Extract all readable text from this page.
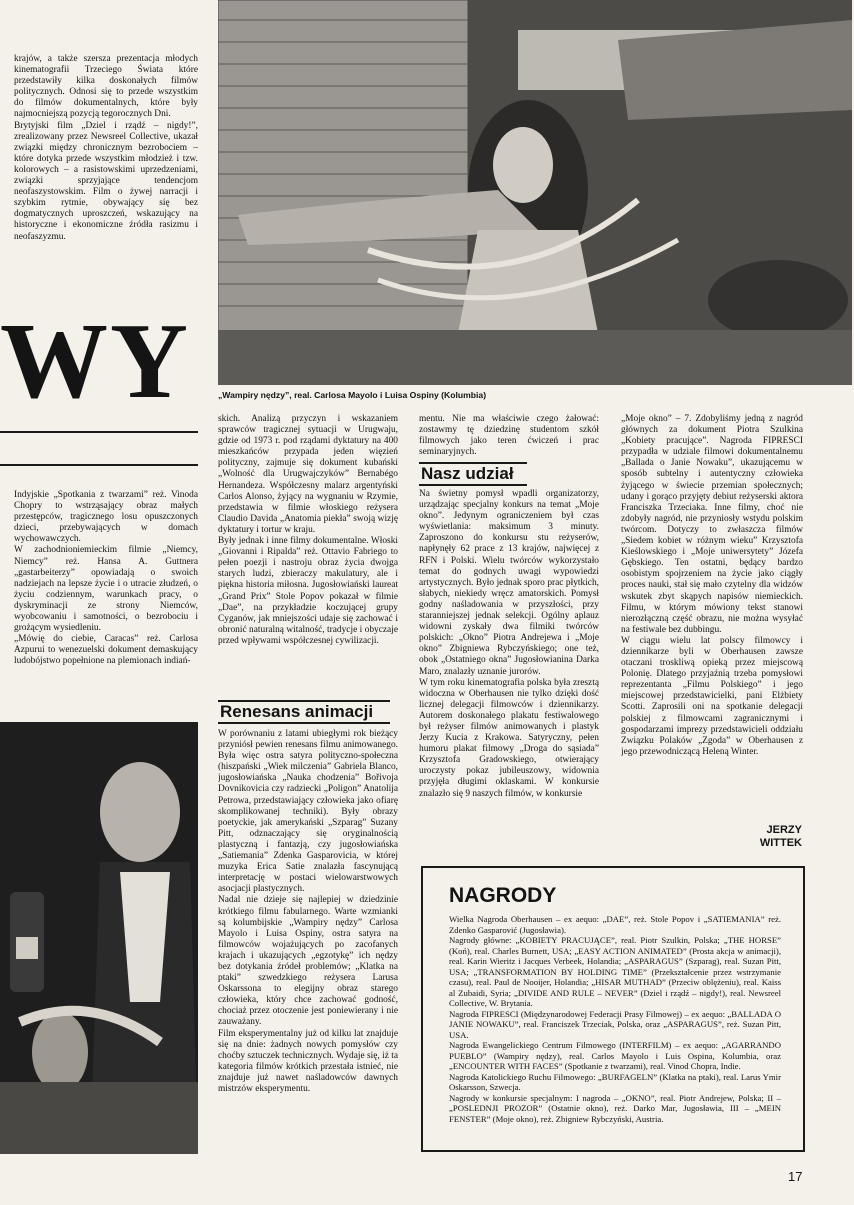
krajów, a także szersza prezentacja młodych kinematografii Trzeciego Świata które przedstawiły kilka doskonałych filmów politycznych. Odnosi się to przede wszystkim do filmów dokumentalnych, które były najmocniejszą pozycją tegorocznych Dni.
Brytyjski film „Dziel i rządź – nigdy!”, zrealizowany przez Newsreel Collective, ukazał związki między chronicznym bezrobociem – które dotyka przede wszystkim młodzież i tzw. kolorowych – a rasistowskimi uprzedzeniami, związki sprzyjające tendencjom neofaszystowskim. Film o żywej narracji i szybkim rytmie, obywający się bez dogmatycznych uproszczeń, wskazujący na historyczne i ekonomiczne źródła rasizmu i neofaszyzmu.
WY	„Wampiry nędzy”, real. Carlosa Mayolo i Luisa Ospiny (Kolumbia)
Indyjskie „Spotkania z twarzami” reż. Vinoda Chopry to wstrząsający obraz małych przestępców, tragicznego losu opuszczonych dzieci, przebywających w domach wychowawczych.
W zachodnioniemieckim filmie „Niemcy, Niemcy” reż. Hansa A. Guttnera „gastarbeiterzy” opowiadają o swoich nadziejach na lepsze życie i o utracie złudzeń, o życiu codziennym, warunkach pracy, o dyskryminacji ze strony Niemców, wyobcowaniu i samotności, o bezrobociu i grożącym wysiedleniu.
„Mówię do ciebie, Caracas” reż. Carlosa Azpurui to wenezuelski dokument demaskujący ludobójstwo popełnione na plemionach indiań-
skich. Analizą przyczyn i wskazaniem sprawców tragicznej sytuacji w Urugwaju, gdzie od 1973 r. pod rządami dyktatury na 400 mieszkańców przypada jeden więzień polityczny, zajmuje się dokument kubański „Wolność dla Urugwajczyków” Bernabégo Hernandeza. Współczesny malarz argentyński Carlos Alonso, żyjący na wygnaniu w Rzymie, przedstawia w filmie włoskiego reżysera Claudio Davida „Anatomia piekła” swoją wizję dyktatury i tortur w kraju.
Były jednak i inne filmy dokumentalne. Włoski „Giovanni i Ripalda” reż. Ottavio Fabriego to pełen poezji i nastroju obraz życia dwojga starych ludzi, zbieraczy makulatury, ale i piękna historia miłosna. Jugosłowiański laureat „Grand Prix” Stole Popov pokazał w filmie „Dae”, na przykładzie koczującej grupy Cyganów, jak mniejszości udaje się zachować i obronić naturalną witalność, tradycje i obyczaje przed wpływami współczesnej cywilizacji.
Renesans animacji
W porównaniu z latami ubiegłymi rok bieżący przyniósł pewien renesans filmu animowanego. Była więc ostra satyra polityczno-społeczna (hiszpański „Wiek milczenia” Gabriela Blanco, jugosłowiańska „Nauka chodzenia” Bořivoja Dovnikovicia czy radziecki „Poligon” Anatolija Petrowa, przedstawiający człowieka jako ofiarę skomplikowanej techniki). Były obrazy poetyckie, jak amerykański „Szparag” Suzany Pitt, odznaczający się oryginalnością plastyczną i fantazją, czy jugosłowiańska „Satiemania” Zdenka Gasparovicia, w której muzyka Erica Satie znalazła fascynującą interpretację w postaci wielowarstwowych asocjacji plastycznych.
Nadal nie dzieje się najlepiej w dziedzinie krótkiego filmu fabularnego. Warte wzmianki są kolumbijskie „Wampiry nędzy” Carlosa Mayolo i Luisa Ospiny, ostra satyra na filmowców wojażujących po zacofanych krajach i ukazujących „egzotykę” ich nędzy bez dotykania źródeł problemów; „Klatka na ptaki” szwedzkiego reżysera Larusa Oskarssona to elegijny obraz starego człowieka, który chce zachować godność, chociaż przez otoczenie jest poniewierany i nie zauważany.
Film eksperymentalny już od kilku lat znajduje się na dnie: żadnych nowych pomysłów czy choćby sztuczek technicznych. Wydaje się, iż ta kategoria filmów krótkich przestała istnieć, nie znajduje już nawet naśladowców dawnych mistrzów eksperymentu.
mentu. Nie ma właściwie czego żałować: zostawmy tę dziedzinę studentom szkół filmowych jako teren ćwiczeń i prac seminaryjnych.
Nasz udział
Na świetny pomysł wpadli organizatorzy, urządzając specjalny konkurs na temat „Moje okno”. Jedynym ograniczeniem był czas wyświetlania: maksimum 3 minuty. Zaproszono do konkursu stu reżyserów, napłynęły 62 prace z 13 krajów, najwięcej z RFN i Polski. Wielu twórców wykorzystało temat do godnych uwagi wypowiedzi artystycznych. Było jednak sporo prac płytkich, słabych, niekiedy wręcz amatorskich. Pomysł godny naśladowania w przyszłości, przy staranniejszej jednak selekcji. Ogólny aplauz widowni zyskały dwa filmiki twórców polskich: „Okno” Piotra Andrejewa i „Moje okno” Zbigniewa Rybczyńskiego; one też, obok „Ostatniego okna” Jugosłowianina Darka Maro, znalazły uznanie jurorów.
W tym roku kinematografia polska była zresztą widoczna w Oberhausen nie tylko dzięki dość licznej delegacji filmowców i dziennikarzy. Autorem doskonałego plakatu festiwalowego był reżyser filmów animowanych i plastyk Jerzy Kucia z Krakowa. Satyryczny, pełen humoru plakat filmowy „Droga do sąsiada” Krzysztofa Gradowskiego, otwierający uroczysty pokaz jubileuszowy, widownia przyjęła długimi oklaskami. W konkursie znalazło się 9 naszych filmów, w konkursie
„Moje okno” – 7. Zdobyliśmy jedną z nagród głównych za dokument Piotra Szulkina „Kobiety pracujące”. Nagroda FIPRESCI przypadła w udziale filmowi dokumentalnemu „Ballada o Janie Nowaku”, ukazującemu w sposób subtelny i autentyczny człowieka żyjącego w świecie przemian społecznych; udany i gorąco przyjęty debiut reżyserski aktora Franciszka Trzeciaka. Inne filmy, choć nie zdobyły nagród, nie przyniosły wstydu polskim twórcom. Dotyczy to zwłaszcza filmów „Siedem kobiet w różnym wieku” Krzysztofa Kieślowskiego i „Moje uniwersytety” Józefa Gębskiego. Ten ostatni, będący bardzo osobistym spojrzeniem na życie jako ciągły proces nauki, stał się mało czytelny dla widzów wskutek zbyt skąpych napisów niemieckich. Filmu, w którym mówiony tekst stanowi nierozłączną część obrazu, nie można wysyłać na festiwale bez dubbingu.
W ciągu wielu lat polscy filmowcy i dziennikarze byli w Oberhausen zawsze otaczani troskliwą opieką przez miejscową Polonię. Dlatego przyjaźnią trzeba pomysłowi reprezentanta „Filmu Polskiego” i jego miejscowej przedstawicielki, pani Elżbiety Scotti. Zaprosili oni na spotkanie delegacji polskiej z filmowcami zagranicznymi i gospodarzami imprezy przedstawicieli oddziału Związku Polaków „Zgoda” w Oberhausen z jego przewodniczącą Heleną Winter.
JERZY
WITTEK
NAGRODY
Wielka Nagroda Oberhausen – ex aequo: „DAE”, reż. Stole Popov i „SATIEMANIA” reż. Zdenko Gasparović (Jugosławia).
Nagrody główne: „KOBIETY PRACUJĄCE”, real. Piotr Szulkin, Polska; „THE HORSE” (Koń), real. Charles Burnett, USA; „EASY ACTION ANIMATED” (Prosta akcja w animacji), real. Karin Wieritz i Jacques Verbeek, Holandia; „ASPARAGUS” (Szparag), real. Suzan Pitt, USA; „TRANSFORMATION BY HOLDING TIME” (Przekształcenie przez wstrzymanie czasu), real. Paul de Nooijer, Holandia; „HISAR MUTHAD” (Przeciw oblężeniu), real. Kaiss al Zubaidi, Syria; „DIVIDE AND RULE – NEVER” (Dziel i rządź – nigdy!), real. Newsreel Collective, W. Brytania.
Nagroda FIPRESCI (Międzynarodowej Federacji Prasy Filmowej) – ex aequo: „BALLADA O JANIE NOWAKU”, real. Franciszek Trzeciak, Polska, oraz „ASPARAGUS”, reż. Suzan Pitt, USA.
Nagroda Ewangelickiego Centrum Filmowego (INTERFILM) – ex aequo: „AGARRANDO PUEBLO” (Wampiry nędzy), real. Carlos Mayolo i Luis Ospina, Kolumbia, oraz „ENCOUNTER WITH FACES” (Spotkanie z twarzami), real. Vinod Chopra, Indie.
Nagroda Katolickiego Ruchu Filmowego: „BURFAGELN” (Klatka na ptaki), real. Larus Ymir Oskarsson, Szwecja.
Nagrody w konkursie specjalnym: I nagroda – „OKNO”, real. Piotr Andrejew, Polska; II – „POSLEDNJI PROZOR” (Ostatnie okno), reż. Darko Mar, Jugosławia, III – „MEIN FENSTER” (Moje okno), reż. Zbigniew Rybczyński, Austria.
17
